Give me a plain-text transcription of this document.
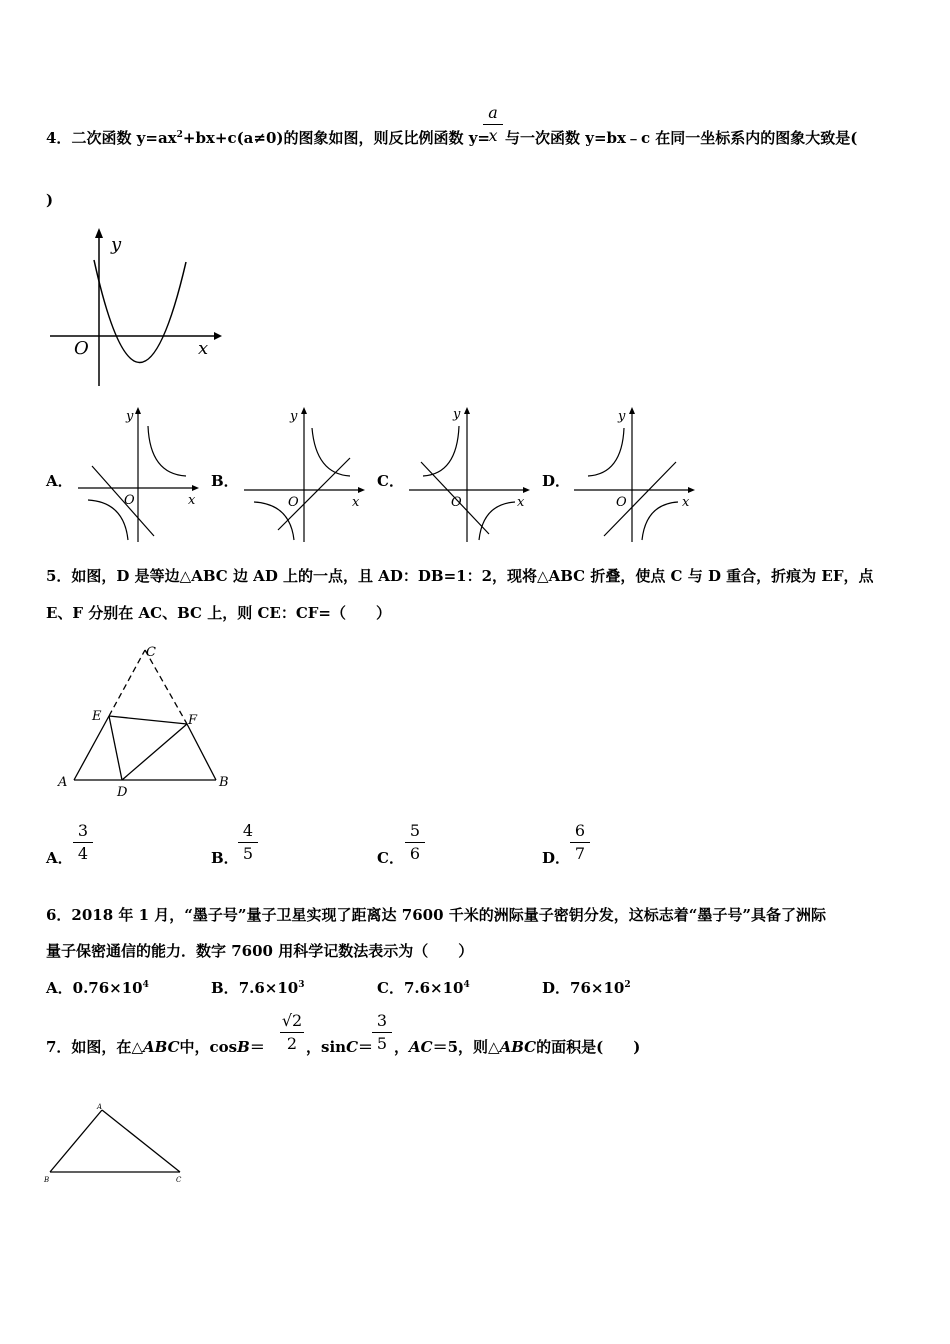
4．二次函数 $y=ax^2+bx+c(a\ne 0)$的图象如图，则反比例函数 y=
a
x 与一次函数 y=bx﹣c 在同一坐标系内的图象大致是(
)
y
x
O
A．
y
x
O
B．
y
x
O
C．
y
x
O
D．
y
x
O
5．如图，D 是等边△ABC 边 AD 上的一点，且 AD：DB=1：2，现将△ABC 折叠，使点 C 与 D 重合，折痕为 EF，点
E、F 分别在 AC、BC 上，则 CE：CF=（　　）
C
E	F
A
D
B
A．
3
4	B．
4
5	C．
5
6	D．
6
7
6．2018 年 1 月，“墨子号”量子卫星实现了距离达 7600 千米的洲际量子密钥分发，这标志着“墨子号”具备了洲际
量子保密通信的能力．数字 7600 用科学记数法表示为（　　）
A．$0.76\times 10^4$	B．$7.6\times 10^3$	C．$7.6\times 10^4$	D．$76\times 10^2$
7．如图，在△ABC中，cosB＝
√2
2 ，sinC＝
3
5 ，AC＝5，则△ABC的面积是(　　)
A
B	C
